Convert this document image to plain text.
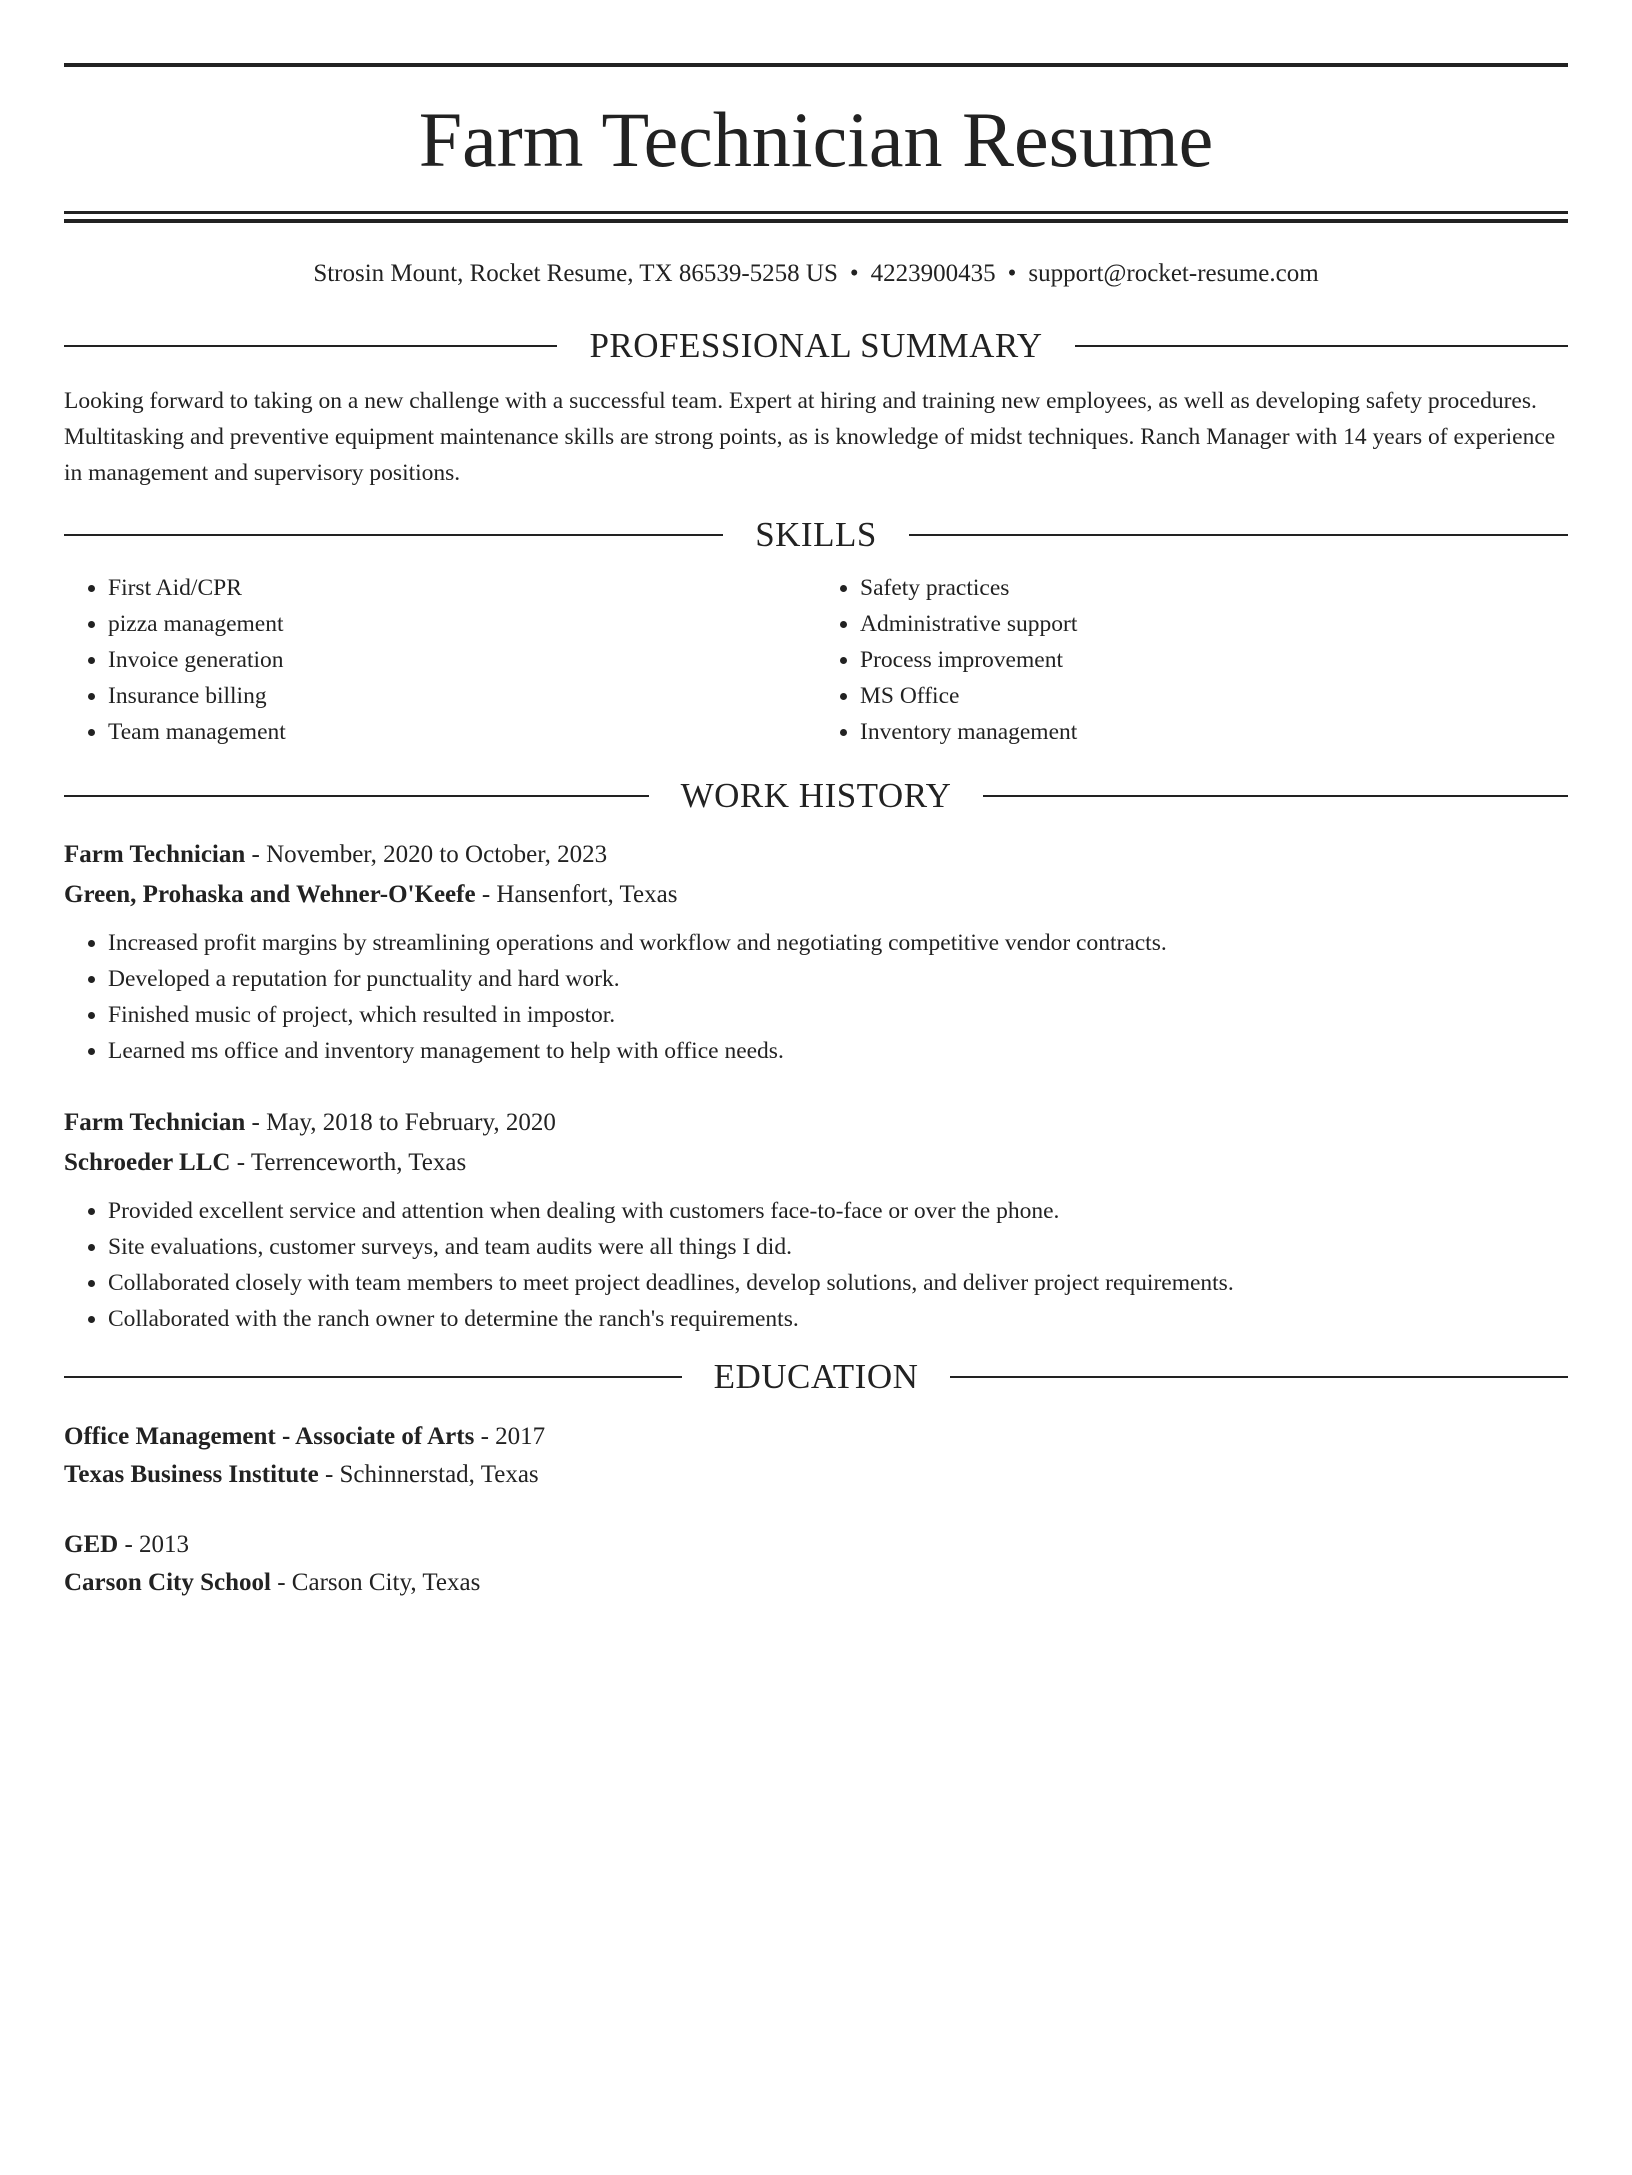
Farm Technician Resume
Strosin Mount, Rocket Resume, TX 86539-5258 US • 4223900435 • support@rocket-resume.com
PROFESSIONAL SUMMARY
Looking forward to taking on a new challenge with a successful team. Expert at hiring and training new employees, as well as developing safety procedures. Multitasking and preventive equipment maintenance skills are strong points, as is knowledge of midst techniques. Ranch Manager with 14 years of experience in management and supervisory positions.
SKILLS
• First Aid/CPR
• pizza management
• Invoice generation
• Insurance billing
• Team management
• Safety practices
• Administrative support
• Process improvement
• MS Office
• Inventory management
WORK HISTORY
Farm Technician - November, 2020 to October, 2023
Green, Prohaska and Wehner-O'Keefe - Hansenfort, Texas
• Increased profit margins by streamlining operations and workflow and negotiating competitive vendor contracts.
• Developed a reputation for punctuality and hard work.
• Finished music of project, which resulted in impostor.
• Learned ms office and inventory management to help with office needs.
Farm Technician - May, 2018 to February, 2020
Schroeder LLC - Terrenceworth, Texas
• Provided excellent service and attention when dealing with customers face-to-face or over the phone.
• Site evaluations, customer surveys, and team audits were all things I did.
• Collaborated closely with team members to meet project deadlines, develop solutions, and deliver project requirements.
• Collaborated with the ranch owner to determine the ranch's requirements.
EDUCATION
Office Management - Associate of Arts - 2017
Texas Business Institute - Schinnerstad, Texas
GED - 2013
Carson City School - Carson City, Texas
